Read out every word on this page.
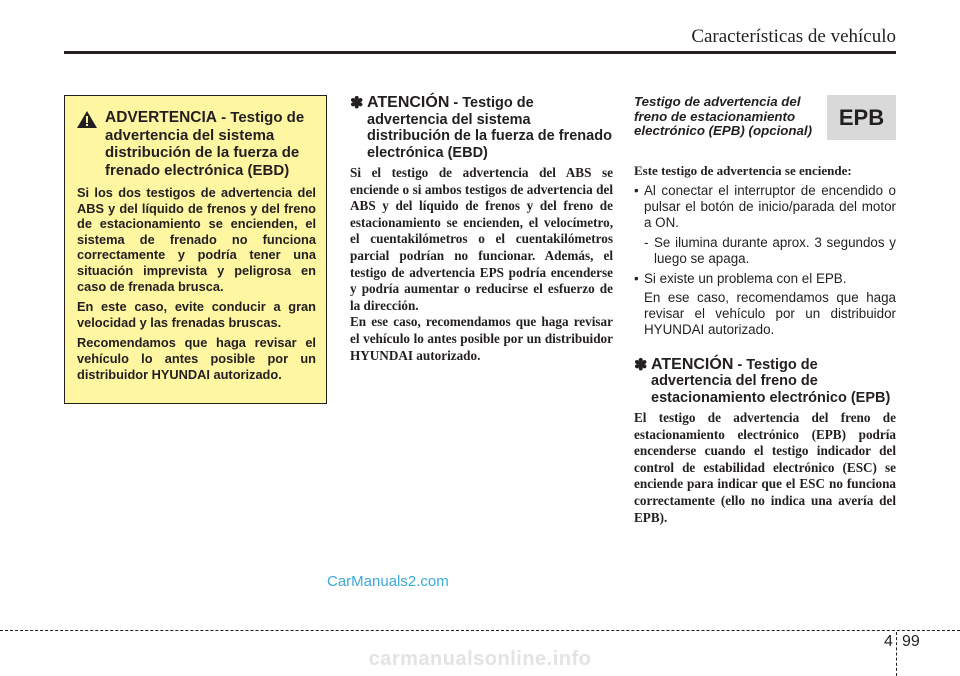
Características de vehículo
ADVERTENCIA - Testigo de advertencia del sistema distribución de la fuerza de frenado electrónica (EBD)

Si los dos testigos de advertencia del ABS y del líquido de frenos y del freno de estacionamiento se encienden, el sistema de frenado no funciona correctamente y podría tener una situación imprevista y peligrosa en caso de frenada brusca.

En este caso, evite conducir a gran velocidad y las frenadas bruscas.

Recomendamos que haga revisar el vehículo lo antes posible por un distribuidor HYUNDAI autorizado.

✽ ATENCIÓN - Testigo de advertencia del sistema distribución de la fuerza de frenado electrónica (EBD)

Si el testigo de advertencia del ABS se enciende o si ambos testigos de advertencia del ABS y del líquido de frenos y del freno de estacionamiento se encienden, el velocímetro, el cuentakilómetros o el cuentakilómetros parcial podrían no funcionar. Además, el testigo de advertencia EPS podría encenderse y podría aumentar o reducirse el esfuerzo de la dirección.

En ese caso, recomendamos que haga revisar el vehículo lo antes posible por un distribuidor HYUNDAI autorizado.

Testigo de advertencia del freno de estacionamiento electrónico (EPB) (opcional)
EPB

Este testigo de advertencia se enciende:

• Al conectar el interruptor de encendido o pulsar el botón de inicio/parada del motor a ON.
- Se ilumina durante aprox. 3 segundos y luego se apaga.
• Si existe un problema con el EPB.

En ese caso, recomendamos que haga revisar el vehículo por un distribuidor HYUNDAI autorizado.

✽ ATENCIÓN - Testigo de advertencia del freno de estacionamiento electrónico (EPB)

El testigo de advertencia del freno de estacionamiento electrónico (EPB) podría encenderse cuando el testigo indicador del control de estabilidad electrónico (ESC) se enciende para indicar que el ESC no funciona correctamente (ello no indica una avería del EPB).

CarManuals2.com
4 99
carmanualsonline.info
